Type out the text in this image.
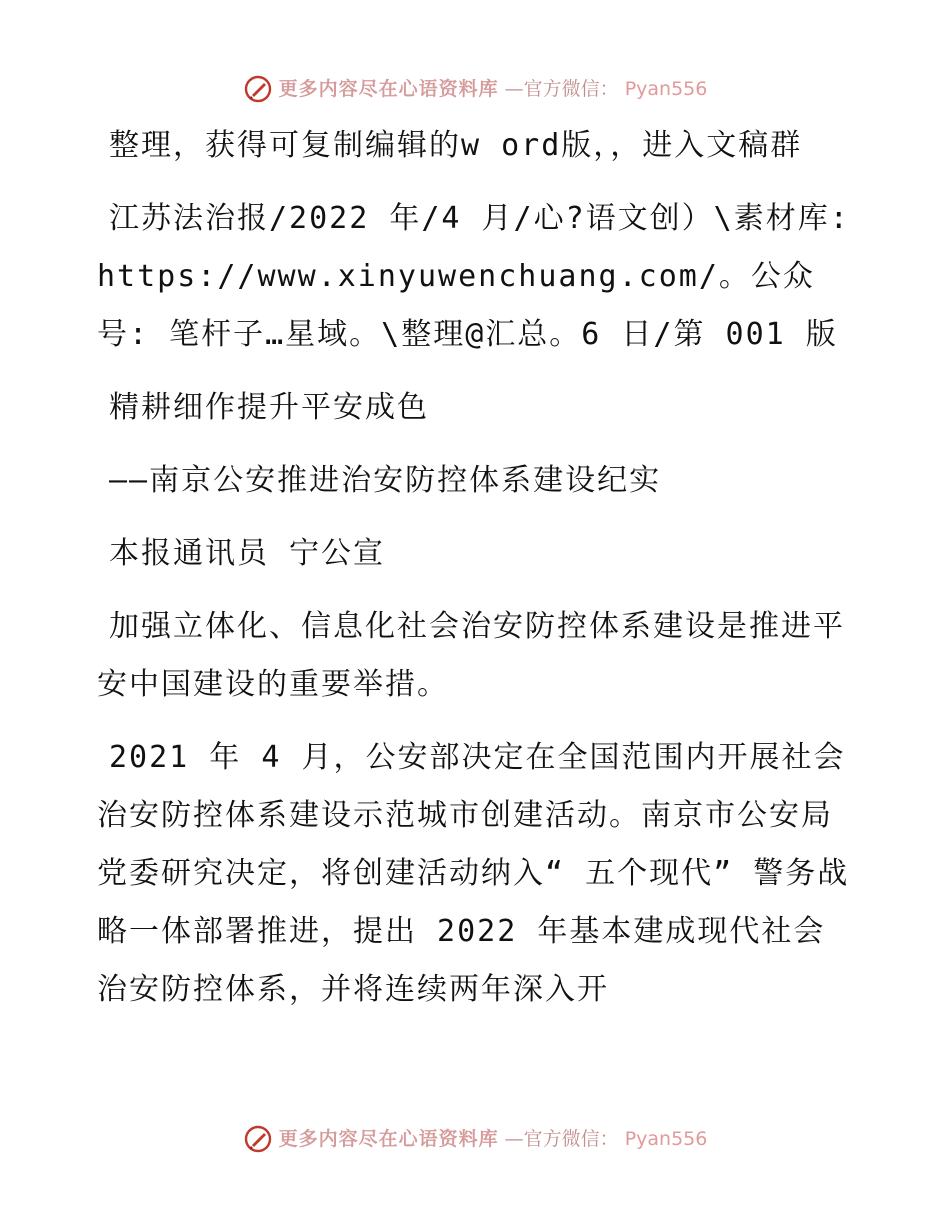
更多内容尽在心语资料库 —官方微信： Pyan556

整理，获得可复制编辑的w ord版，，进入文稿群

江苏法治报/2022 年/4 月/心?语文创）\素材库: https://www.xinyuwenchuang.com/。公众号: 笔杆子…星域。\整理@汇总。6 日/第 001 版

精耕细作提升平安成色

——南京公安推进治安防控体系建设纪实

本报通讯员 宁公宣

加强立体化、信息化社会治安防控体系建设是推进平安中国建设的重要举措。

2021 年 4 月，公安部决定在全国范围内开展社会治安防控体系建设示范城市创建活动。南京市公安局党委研究决定，将创建活动纳入“ 五个现代” 警务战略一体部署推进，提出 2022 年基本建成现代社会治安防控体系，并将连续两年深入开

更多内容尽在心语资料库 —官方微信： Pyan556
